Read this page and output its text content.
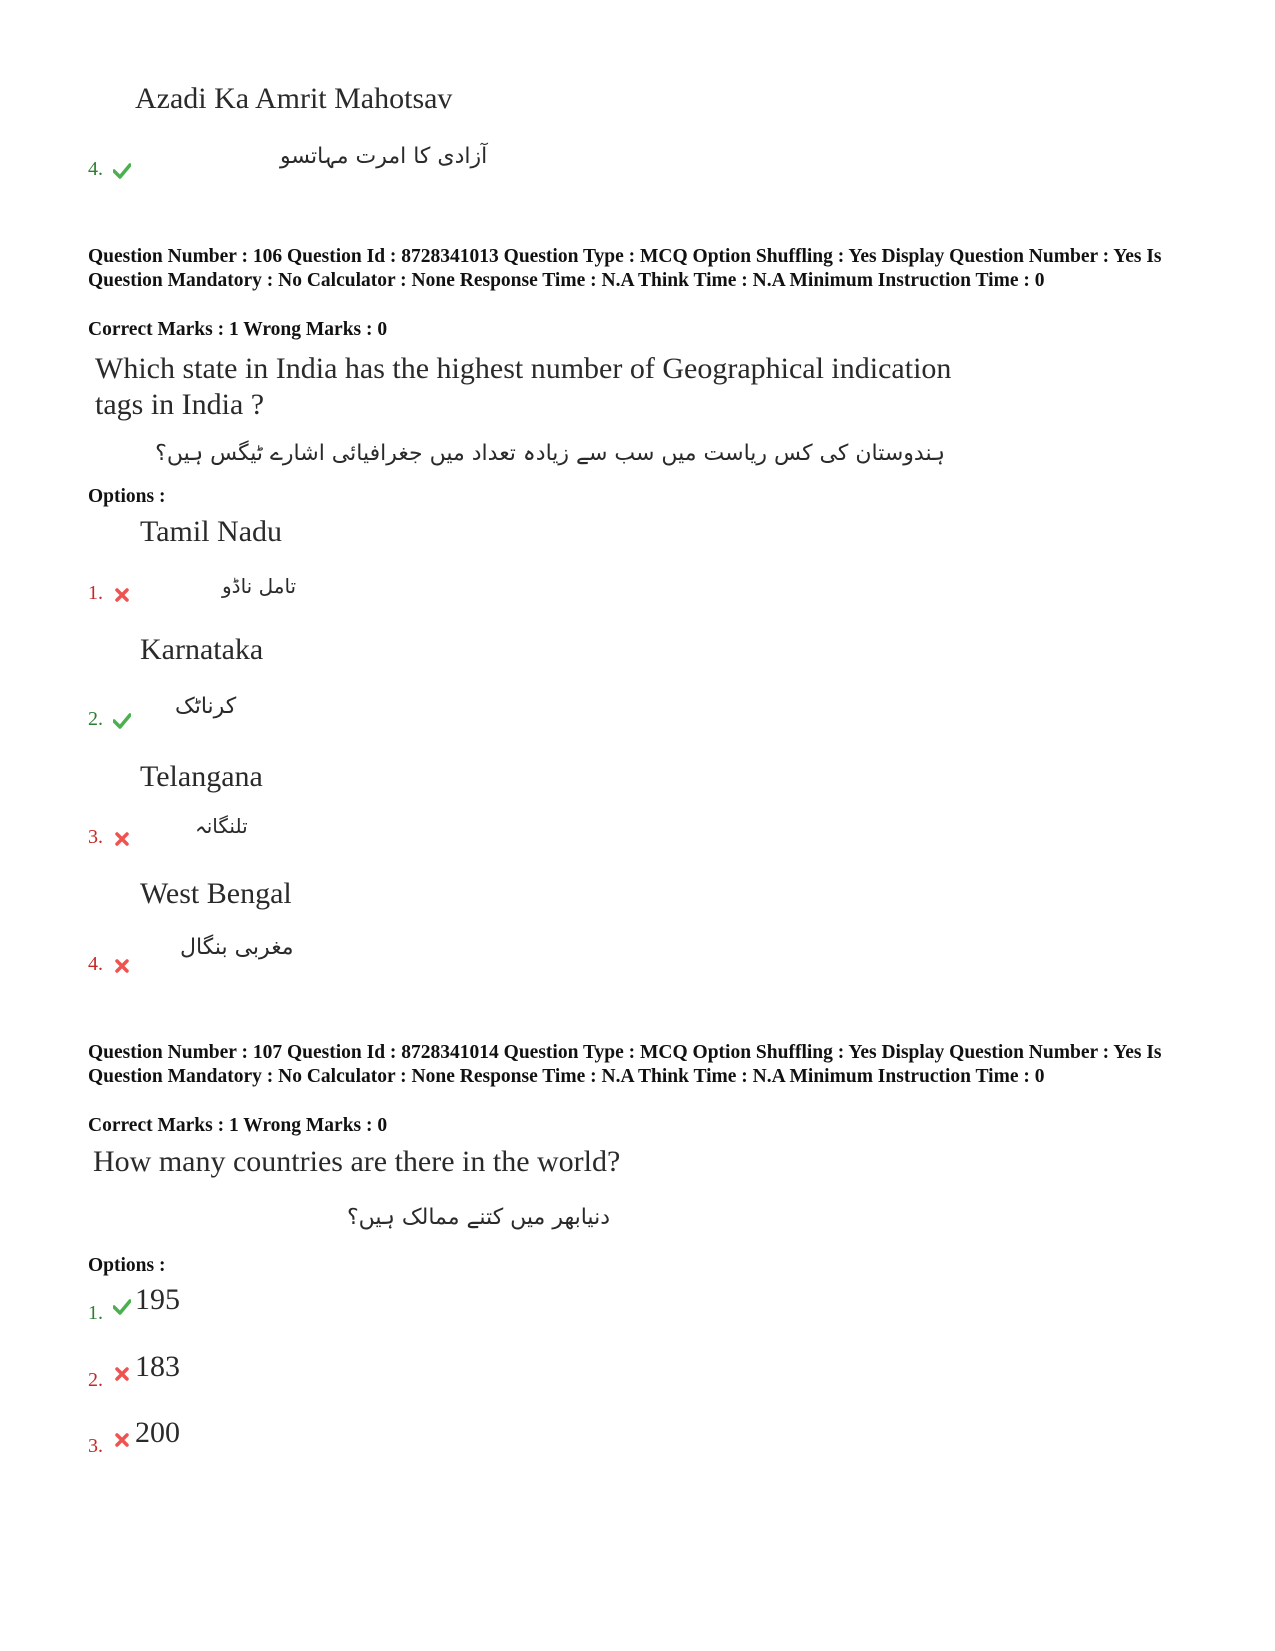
Azadi Ka Amrit Mahotsav
آزادی کا امرت مہاتسو
4.

Question Number : 106 Question Id : 8728341013 Question Type : MCQ Option Shuffling : Yes Display Question Number : Yes Is Question Mandatory : No Calculator : None Response Time : N.A Think Time : N.A Minimum Instruction Time : 0

Correct Marks : 1 Wrong Marks : 0
Which state in India has the highest number of Geographical indication tags in India ?
ہندوستان کی کس ریاست میں سب سے زیادہ تعداد میں جغرافیائی اشارے ٹیگس ہیں؟
Options :
Tamil Nadu
تامل ناڈو
1.
Karnataka
کرناٹک
2.
Telangana
تلنگانہ
3.
West Bengal
مغربی بنگال
4.

Question Number : 107 Question Id : 8728341014 Question Type : MCQ Option Shuffling : Yes Display Question Number : Yes Is Question Mandatory : No Calculator : None Response Time : N.A Think Time : N.A Minimum Instruction Time : 0

Correct Marks : 1 Wrong Marks : 0
How many countries are there in the world?
دنیابھر میں کتنے ممالک ہیں؟
Options :
1. 195
2. 183
3. 200
